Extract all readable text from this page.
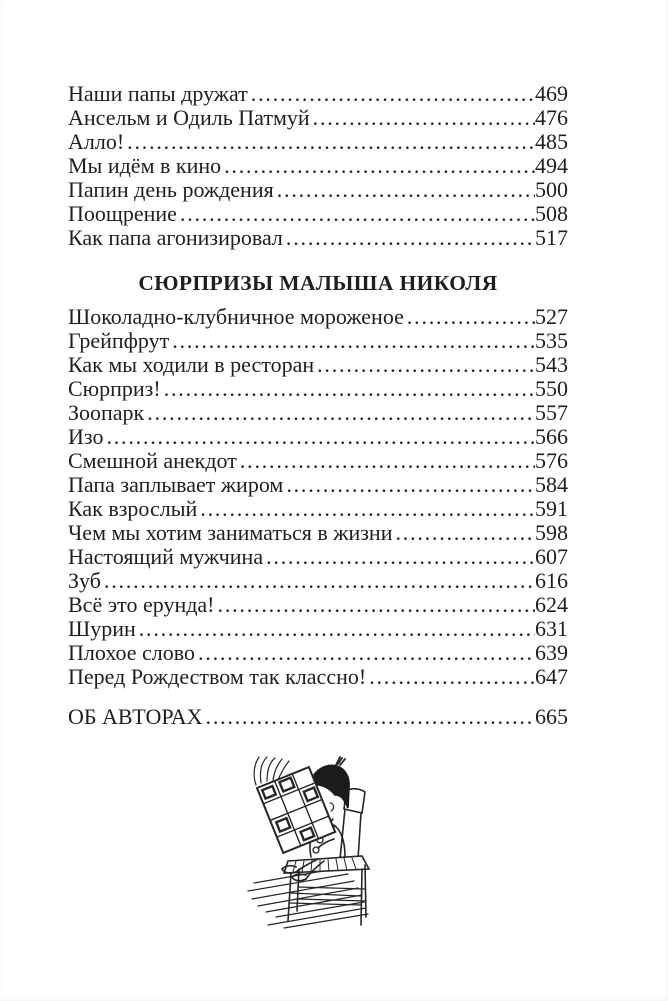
Наши папы дружат .....	469
Ансельм и Одиль Патмуй .....	476
Алло! .....	485
Мы идём в кино .....	494
Папин день рождения .....	500
Поощрение .....	508
Как папа агонизировал .....	517
СЮРПРИЗЫ МАЛЫША НИКОЛЯ
Шоколадно-клубничное мороженое .....	527
Грейпфрут .....	535
Как мы ходили в ресторан .....	543
Сюрприз! .....	550
Зоопарк .....	557
Изо .....	566
Смешной анекдот .....	576
Папа заплывает жиром .....	584
Как взрослый .....	591
Чем мы хотим заниматься в жизни .....	598
Настоящий мужчина .....	607
Зуб .....	616
Всё это ерунда! .....	624
Шурин .....	631
Плохое слово .....	639
Перед Рождеством так классно! .....	647
ОБ АВТОРАХ .....	665
